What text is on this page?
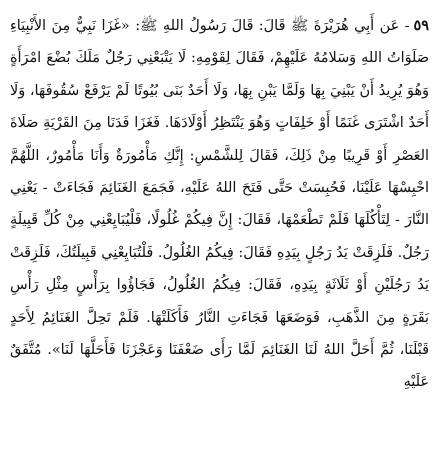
٥٩- عَن أَبِي هُرَيْرَةَ ﷺ قَالَ: قَالَ رَسُولُ اللهِ ﷺ: «غَزَا نَبِيٌّ مِنَ الأَنْبِيَاءِ صَلَوَاتُ اللهِ وَسَلامُهُ عَلَيْهِمْ، فَقَالَ لِقَوْمِهِ: لَا يَتْبَعْنِي رَجُلٌ مَلَكَ بُضْعَ امْرَأَةٍ وَهُوَ يُرِيدُ أَنْ يَبْنِيَ بِهَا وَلَمَّا يَبْنِ بِهَا، وَلَا أَحَدٌ بَنَى بُيُوتًا لَمْ يَرْفَعْ سُقُوفَهَا، وَلَا أَحَدٌ اشْتَرَى غَنَمًا أَوْ خَلِفَاتٍ وَهُوَ يَنْتَظِرُ أَوْلَادَهَا. فَغَزَا فَدَنَا مِنَ القَرْيَةِ صَلَاةَ العَصْرِ أَوْ قَرِيبًا مِنْ ذَلِكَ، فَقَالَ لِلشَّمْسِ: إِنَّكِ مَأْمُورَةٌ وَأَنَا مَأْمُورٌ، اللَّهُمَّ احْبِسْهَا عَلَيْنَا، فَحُبِسَتْ حَتَّى فَتَحَ اللهُ عَلَيْهِ، فَجَمَعَ الغَنَائِمَ فَجَاءَتْ - يَعْنِي النَّارَ - لِتَأْكُلَهَا فَلَمْ تَطْعَمْهَا، فَقَالَ: إِنَّ فِيكُمْ غُلُولًا، فَلْيُبَايِعْنِي مِنْ كُلِّ قَبِيلَةٍ رَجُلٌ. فَلَزِقَتْ يَدُ رَجُلٍ بِيَدِهِ فَقَالَ: فِيكُمُ الغُلُولُ. فَلْتُبَايِعْنِي قَبِيلَتُكَ، فَلَزِقَتْ يَدُ رَجُلَيْنِ أَوْ ثَلَاثَةٍ بِيَدِهِ، فَقَالَ: فِيكُمُ الغُلُولُ، فَجَاؤُوا بِرَأْسٍ مِثْلِ رَأْسِ بَقَرَةٍ مِنَ الذَّهَبِ، فَوَضَعَهَا فَجَاءَتِ النَّارُ فَأَكَلَتْهَا. فَلَمْ تَحِلَّ الغَنَائِمُ لِأَحَدٍ قَبْلَنَا، ثُمَّ أَحَلَّ اللهُ لَنَا الغَنَائِمَ لَمَّا رَأَى ضَعْفَنَا وَعَجْزَنَا فَأَحَلَّهَا لَنَا». مُتَّفَقٌ عَلَيْهِ
